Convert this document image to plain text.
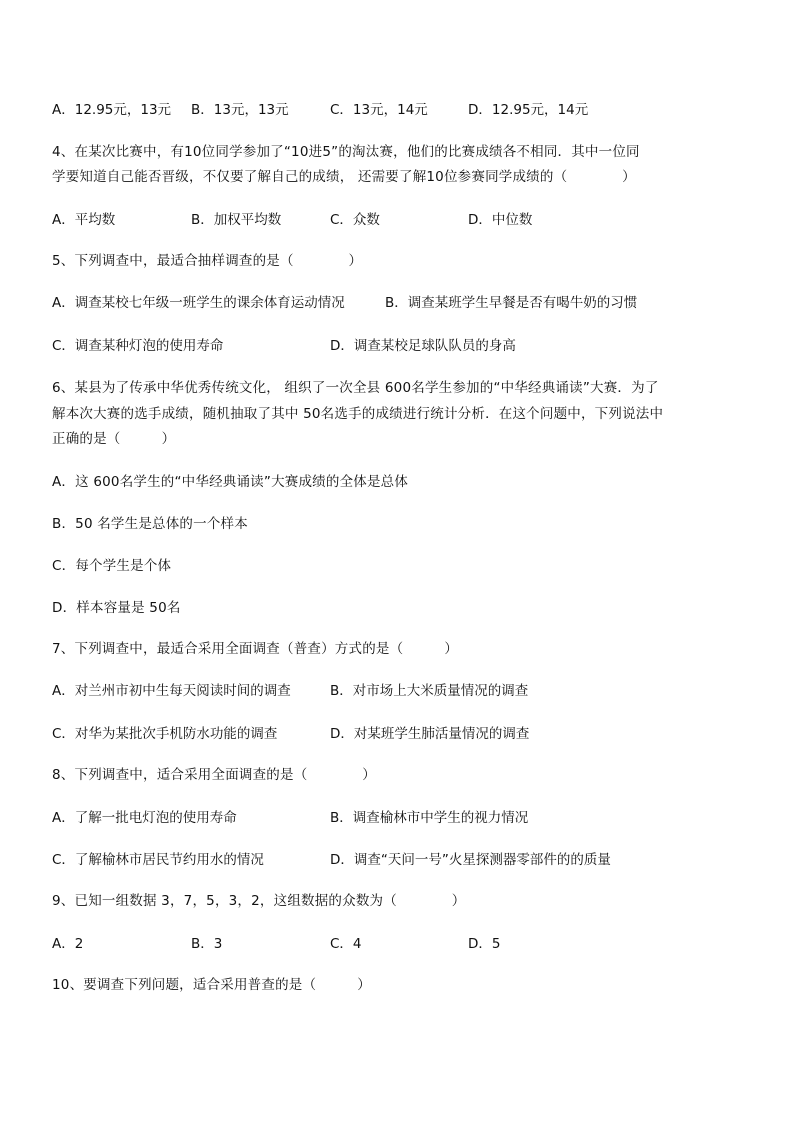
A．12.95元，13元 B．13元，13元	C．13元，14元	D．12.95元，14元
4、在某次比赛中，有10位同学参加了“10进5”的淘汰赛，他们的比赛成绩各不相同．其中一位同
学要知道自己能否晋级，不仅要了解自己的成绩， 还需要了解10位参赛同学成绩的（　　　　）
A．平均数	B．加权平均数	C．众数	D．中位数
5、下列调查中，最适合抽样调查的是（　　　　）
A．调查某校七年级一班学生的课余体育运动情况	B．调查某班学生早餐是否有喝牛奶的习惯
C．调查某种灯泡的使用寿命	D．调查某校足球队队员的身高
6、某县为了传承中华优秀传统文化， 组织了一次全县 600名学生参加的“中华经典诵读”大赛．为了
解本次大赛的选手成绩，随机抽取了其中 50名选手的成绩进行统计分析．在这个问题中，下列说法中
正确的是（　　　）
A．这 600名学生的“中华经典诵读”大赛成绩的全体是总体
B．50 名学生是总体的一个样本
C．每个学生是个体
D．样本容量是 50名
7、下列调查中，最适合采用全面调查（普查）方式的是（　　　）
A．对兰州市初中生每天阅读时间的调查	B．对市场上大米质量情况的调查
C．对华为某批次手机防水功能的调查	D．对某班学生肺活量情况的调查
8、下列调查中，适合采用全面调查的是（　　　　）
A．了解一批电灯泡的使用寿命	B．调查榆林市中学生的视力情况
C．了解榆林市居民节约用水的情况	D．调查“天问一号”火星探测器零部件的的质量
9、已知一组数据 3，7，5，3，2，这组数据的众数为（　　　　）
A．2	B．3	C．4	D．5
10、要调查下列问题，适合采用普查的是（　　　）
